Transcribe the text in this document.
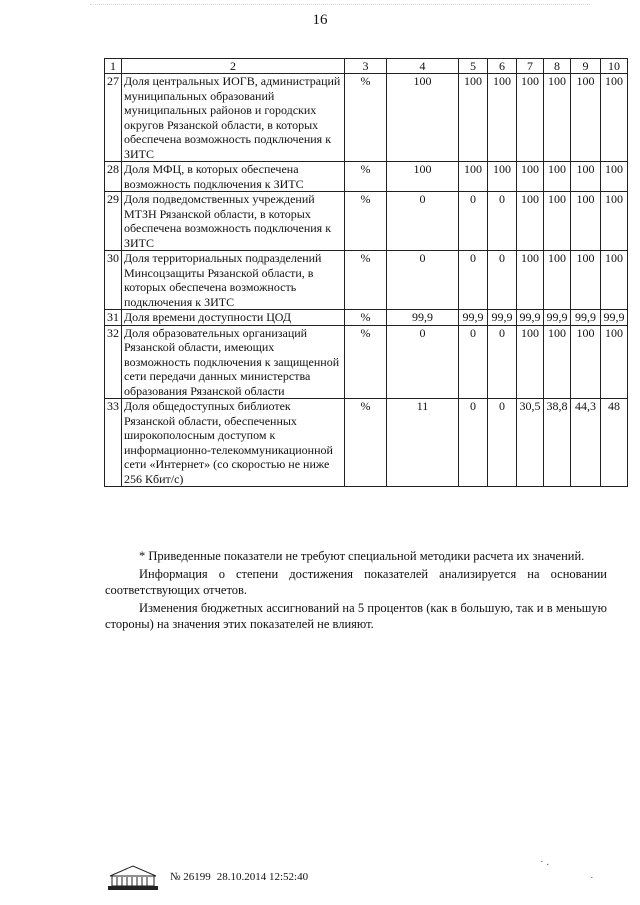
16
1	2	3	4	5	6	7	8	9	10
27	Доля центральных ИОГВ, администраций муниципальных образований муниципальных районов и городских округов Рязанской области, в которых обеспечена возможность подключения к ЗИТС	%	100	100	100	100	100	100	100
28	Доля МФЦ, в которых обеспечена возможность подключения к ЗИТС	%	100	100	100	100	100	100	100
29	Доля подведомственных учреждений МТЗН Рязанской области, в которых обеспечена возможность подключения к ЗИТС	%	0	0	0	100	100	100	100
30	Доля территориальных подразделений Минсоцзащиты Рязанской области, в которых обеспечена возможность подключения к ЗИТС	%	0	0	0	100	100	100	100
31	Доля времени доступности ЦОД	%	99,9	99,9	99,9	99,9	99,9	99,9	99,9
32	Доля образовательных организаций Рязанской области, имеющих возможность подключения к защищенной сети передачи данных министерства образования Рязанской области	%	0	0	0	100	100	100	100
33	Доля общедоступных библиотек Рязанской области, обеспеченных широкополосным доступом к информационно-телекоммуникационной сети «Интернет» (со скоростью не ниже 256 Кбит/с)	%	11	0	0	30,5	38,8	44,3	48

* Приведенные показатели не требуют специальной методики расчета их значений.

Информация о степени достижения показателей анализируется на основании соответствующих отчетов.

Изменения бюджетных ассигнований на 5 процентов (как в большую, так и в меньшую стороны) на значения этих показателей не влияют.

№ 26199 28.10.2014 12:52:40
· .
·
